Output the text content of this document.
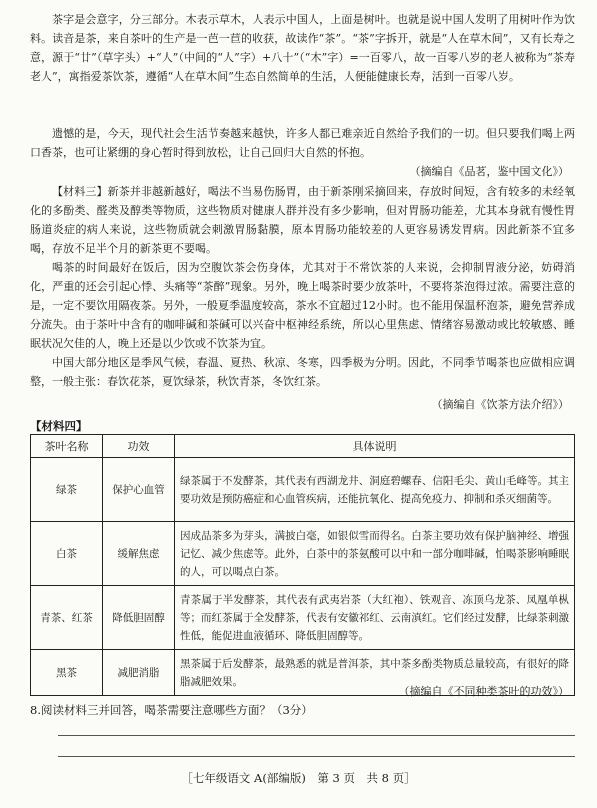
茶字是会意字，分三部分。木表示草木，人表示中国人，上面是树叶。也就是说中国人发明了用树叶作为饮料。读音是茶，来自茶叶的生产是一芭一苣的收获，故读作“茶”。“茶”字拆开，就是“人在草木间”，又有长寿之意，源于“廿”（草字头）+“人”（中间的“人”字）+八十”（“木”字）=一百零八，故一百零八岁的老人被称为“茶寿老人”，寓指爱茶饮茶，遵循“人在草木间”生态自然简单的生活，人便能健康长寿，活到一百零八岁。

遗憾的是，今天，现代社会生活节奏越来越快，许多人都已难亲近自然给予我们的一切。但只要我们喝上两口香茶，也可让紧绷的身心暂时得到放松，让自己回归大自然的怀抱。

（摘编自《品茗，鉴中国文化》）

【材料三】新茶并非越新越好，喝法不当易伤肠胃，由于新茶刚采摘回来，存放时间短，含有较多的未经氧化的多酚类、醛类及醇类等物质，这些物质对健康人群并没有多少影响，但对胃肠功能差，尤其本身就有慢性胃肠道炎症的病人来说，这些物质就会刺激胃肠黏膜，原本胃肠功能较差的人更容易诱发胃病。因此新茶不宜多喝，存放不足半个月的新茶更不要喝。

喝茶的时间最好在饭后，因为空腹饮茶会伤身体，尤其对于不常饮茶的人来说，会抑制胃液分泌，妨碍消化，严重的还会引起心悸、头痛等“茶醉”现象。另外，晚上喝茶时要少放茶叶，不要将茶泡得过浓。需要注意的是，一定不要饮用隔夜茶。另外，一般夏季温度较高，茶水不宜超过12小时。也不能用保温杯泡茶，避免营养成分流失。由于茶叶中含有的咖啡碱和茶碱可以兴奋中枢神经系统，所以心里焦虑、情绪容易激动或比较敏感、睡眠状况欠佳的人，晚上还是以少饮或不饮茶为宜。

中国大部分地区是季风气候，春温、夏热、秋凉、冬寒，四季极为分明。因此，不同季节喝茶也应做相应调整，一般主张：春饮花茶，夏饮绿茶，秋饮青茶，冬饮红茶。

（摘编自《饮茶方法介绍》）
【材料四】
茶叶名称	功效	具体说明
绿茶	保护心血管	绿茶属于不发酵茶，其代表有西湖龙井、洞庭碧螺春、信阳毛尖、黄山毛峰等。其主要功效是预防癌症和心血管疾病，还能抗氧化、提高免疫力、抑制和杀灭细菌等。
白茶	缓解焦虑	因成品茶多为芽头，满披白毫，如银似雪而得名。白茶主要功效有保护脑神经、增强记忆、减少焦虑等。此外，白茶中的茶氨酸可以中和一部分咖啡碱，怕喝茶影响睡眠的人，可以喝点白茶。
青茶、红茶	降低胆固醇	青茶属于半发酵茶，其代表有武夷岩茶（大红袍）、铁观音、冻顶乌龙茶、凤凰单枞等；而红茶属于全发酵茶，代表有安徽祁红、云南滇红。它们经过发酵，比绿茶刺激性低，能促进血液循环、降低胆固醇等。
黑茶	减肥消脂	黑茶属于后发酵茶，最熟悉的就是普洱茶，其中茶多酚类物质总量较高，有很好的降脂减肥效果。
（摘编自《不同种类茶叶的功效》）
8.阅读材料三并回答，喝茶需要注意哪些方面？（3分）
［七年级语文 A(部编版)　第 3 页　共 8 页］
